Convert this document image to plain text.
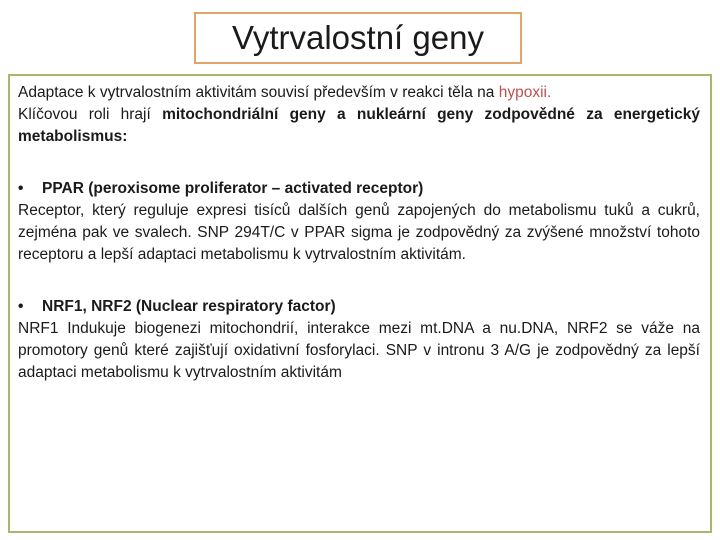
Vytrvalostní geny

Adaptace k vytrvalostním aktivitám souvisí především v reakci těla na hypoxii.
Klíčovou roli hrají mitochondriální geny a nukleární geny zodpovědné za energetický metabolismus:

• PPAR (peroxisome proliferator – activated receptor)

Receptor, který reguluje expresi tisíců dalších genů zapojených do metabolismu tuků a cukrů, zejména pak ve svalech. SNP 294T/C v PPAR sigma je zodpovědný za zvýšené množství tohoto receptoru a lepší adaptaci metabolismu k vytrvalostním aktivitám.

• NRF1, NRF2 (Nuclear respiratory factor)

NRF1 Indukuje biogenezi mitochondrií, interakce mezi mt.DNA a nu.DNA, NRF2 se váže na promotory genů které zajišťují oxidativní fosforylaci. SNP v intronu 3 A/G je zodpovědný za lepší adaptaci metabolismu k vytrvalostním aktivitám
